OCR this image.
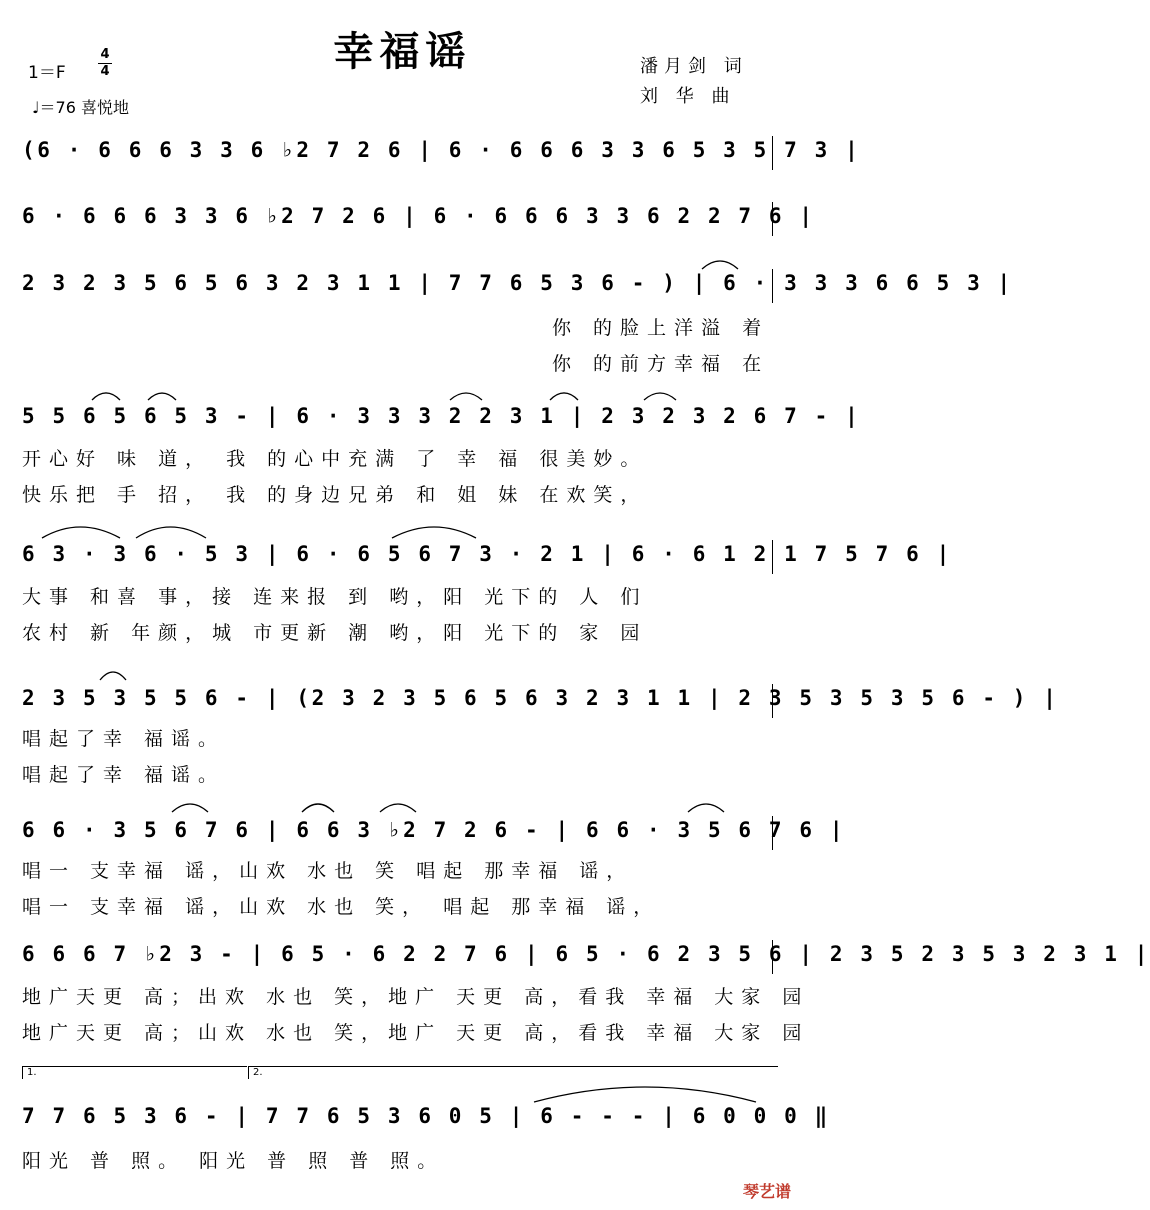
幸福谣
1＝F
4
4
♩＝76 喜悦地
潘月剑 词
刘 华 曲
(6 · 6 6 6 3 3 6 ♭2 7 2 6 | 6 · 6 6 6 3 3 6 5 3 5 7 3 |
6 · 6 6 6 3 3 6 ♭2 7 2 6 | 6 · 6 6 6 3 3 6 2 2 7 6 |
2 3 2 3 5 6 5 6 3 2 3 1 1 | 7 7 6 5 3 6 - ) | 6 · 3 3 3 6 6 5 3 |
你 的脸上洋溢 着
你 的前方幸福 在
5 5 6 5 6 5 3 - | 6 · 3 3 3 2 2 3 1 | 2 3 2 3 2 6 7 - |
开心好 味 道， 我 的心中充满 了 幸 福 很美妙。
快乐把 手 招， 我 的身边兄弟 和 姐 妹 在欢笑，
6 3 · 3 6 · 5 3 | 6 · 6 5 6 7 3 · 2 1 | 6 · 6 1 2 1 7 5 7 6 |
大事 和喜 事，接 连来报 到 哟，阳 光下的 人 们
农村 新 年颜，城 市更新 潮 哟，阳 光下的 家 园
2 3 5 3 5 5 6 - | (2 3 2 3 5 6 5 6 3 2 3 1 1 | 2 3 5 3 5 3 5 6 - ) |
唱起了幸 福谣。
唱起了幸 福谣。
6 6 · 3 5 6 7 6 | 6 6 3 ♭2 7 2 6 - | 6 6 · 3 5 6 7 6 |
唱一 支幸福 谣，山欢 水也 笑 唱起 那幸福 谣，
唱一 支幸福 谣，山欢 水也 笑， 唱起 那幸福 谣，
6 6 6 7 ♭2 3 - | 6 5 · 6 2 2 7 6 | 6 5 · 6 2 3 5 6 | 2 3 5 2 3 5 3 2 3 1 |
地广天更 高；出欢 水也 笑，地广 天更 高，看我 幸福 大家 园
地广天更 高；山欢 水也 笑，地广 天更 高，看我 幸福 大家 园
1.	2.
7 7 6 5 3 6 - | 7 7 6 5 3 6 0 5 | 6 - - - | 6 0 0 0 ‖
阳光 普 照。 阳光 普 照 普 照。
琴艺谱
